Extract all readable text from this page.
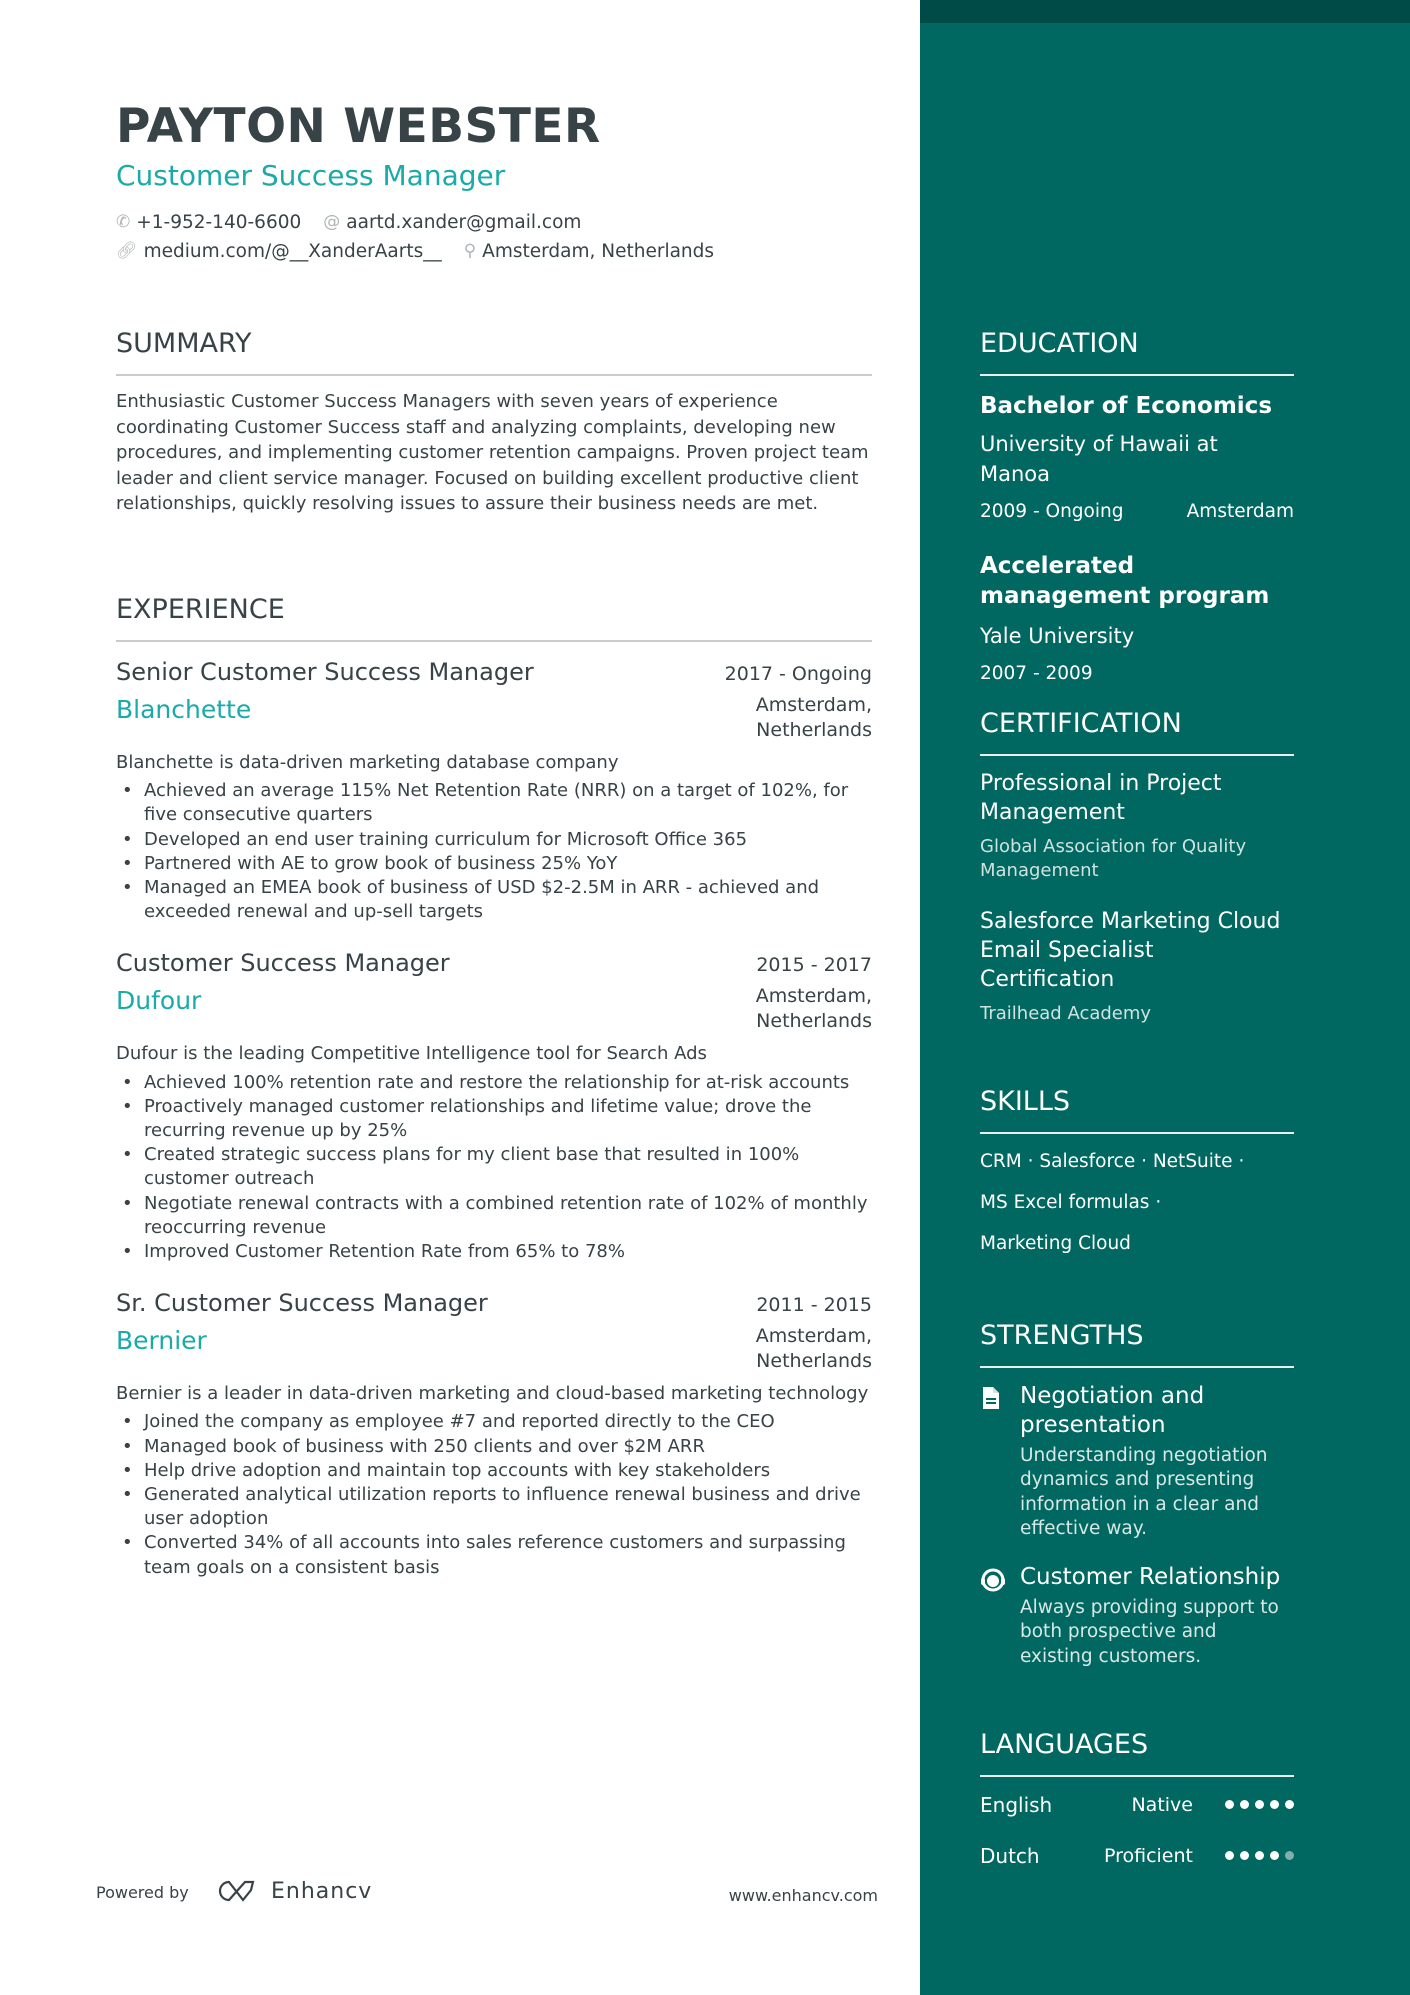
PAYTON WEBSTER
Customer Success Manager
✆ +1-952-140-6600 @ aartd.xander@gmail.com
🔗︎ medium.com/@__XanderAarts__ ⚲ Amsterdam, Netherlands
SUMMARY
Enthusiastic Customer Success Managers with seven years of experience coordinating Customer Success staff and analyzing complaints, developing new procedures, and implementing customer retention campaigns. Proven project team leader and client service manager. Focused on building excellent productive client relationships, quickly resolving issues to assure their business needs are met.
EXPERIENCE
Senior Customer Success Manager	2017 - Ongoing
Blanchette	Amsterdam,
Netherlands
Blanchette is data-driven marketing database company
• Achieved an average 115% Net Retention Rate (NRR) on a target of 102%, for five consecutive quarters
• Developed an end user training curriculum for Microsoft Office 365
• Partnered with AE to grow book of business 25% YoY
• Managed an EMEA book of business of USD $2-2.5M in ARR - achieved and exceeded renewal and up-sell targets
Customer Success Manager	2015 - 2017
Dufour	Amsterdam,
Netherlands
Dufour is the leading Competitive Intelligence tool for Search Ads
• Achieved 100% retention rate and restore the relationship for at-risk accounts
• Proactively managed customer relationships and lifetime value; drove the recurring revenue up by 25%
• Created strategic success plans for my client base that resulted in 100% customer outreach
• Negotiate renewal contracts with a combined retention rate of 102% of monthly reoccurring revenue
• Improved Customer Retention Rate from 65% to 78%
Sr. Customer Success Manager	2011 - 2015
Bernier	Amsterdam,
Netherlands
Bernier is a leader in data-driven marketing and cloud-based marketing technology
• Joined the company as employee #7 and reported directly to the CEO
• Managed book of business with 250 clients and over $2M ARR
• Help drive adoption and maintain top accounts with key stakeholders
• Generated analytical utilization reports to influence renewal business and drive user adoption
• Converted 34% of all accounts into sales reference customers and surpassing team goals on a consistent basis
EDUCATION
Bachelor of Economics
University of Hawaii at Manoa
2009 - Ongoing	Amsterdam
Accelerated management program
Yale University
2007 - 2009
CERTIFICATION
Professional in Project Management
Global Association for Quality Management
Salesforce Marketing Cloud Email Specialist Certification
Trailhead Academy
SKILLS
CRM · Salesforce · NetSuite ·
MS Excel formulas ·
Marketing Cloud
STRENGTHS
Negotiation and presentation
Understanding negotiation dynamics and presenting information in a clear and effective way.
Customer Relationship
Always providing support to both prospective and existing customers.
LANGUAGES
English	Native
Dutch	Proficient
Powered by	Enhancv	www.enhancv.com
